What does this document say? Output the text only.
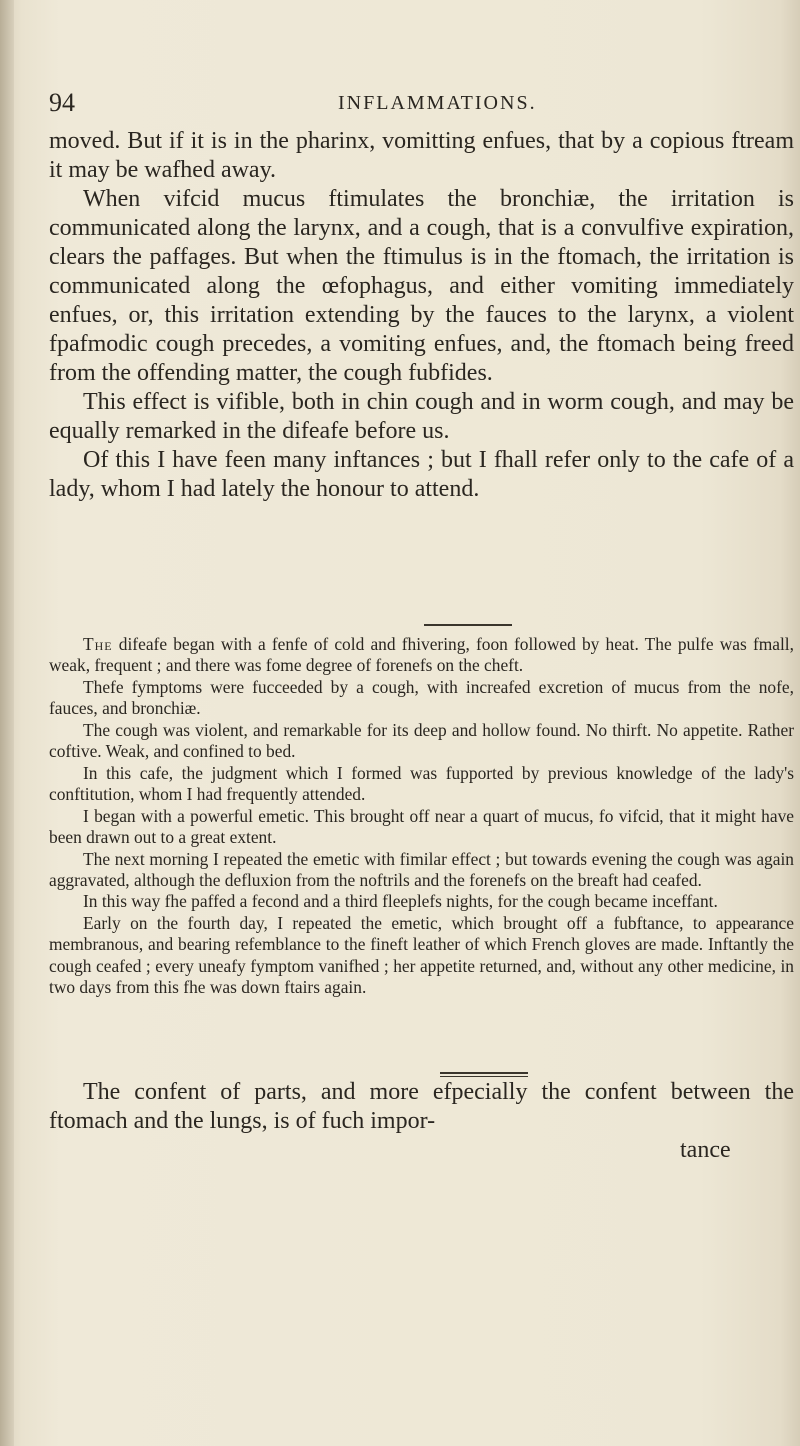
94	INFLAMMATIONS.

moved. But if it is in the pharinx, vomitting enfues, that by a copious ftream it may be wafhed away.

When vifcid mucus ftimulates the bronchiæ, the irritation is communicated along the larynx, and a cough, that is a convulfive expiration, clears the paffages. But when the ftimulus is in the ftomach, the irritation is communicated along the œfophagus, and either vomiting immediately enfues, or, this irritation extending by the fauces to the larynx, a violent fpafmodic cough precedes, a vomiting enfues, and, the ftomach being freed from the offending matter, the cough fubfides.

This effect is vifible, both in chin cough and in worm cough, and may be equally remarked in the difeafe before us.

Of this I have feen many inftances ; but I fhall refer only to the cafe of a lady, whom I had lately the honour to attend.

The difeafe began with a fenfe of cold and fhivering, foon followed by heat. The pulfe was fmall, weak, frequent ; and there was fome degree of forenefs on the cheft.

Thefe fymptoms were fucceeded by a cough, with increafed excretion of mucus from the nofe, fauces, and bronchiæ.

The cough was violent, and remarkable for its deep and hollow found. No thirft. No appetite. Rather coftive. Weak, and confined to bed.

In this cafe, the judgment which I formed was fupported by previous knowledge of the lady's conftitution, whom I had frequently attended.

I began with a powerful emetic. This brought off near a quart of mucus, fo vifcid, that it might have been drawn out to a great extent.

The next morning I repeated the emetic with fimilar effect ; but towards evening the cough was again aggravated, although the defluxion from the noftrils and the forenefs on the breaft had ceafed.

In this way fhe paffed a fecond and a third fleeplefs nights, for the cough became inceffant.

Early on the fourth day, I repeated the emetic, which brought off a fubftance, to appearance membranous, and bearing refemblance to the fineft leather of which French gloves are made. Inftantly the cough ceafed ; every uneafy fymptom vanifhed ; her appetite returned, and, without any other medicine, in two days from this fhe was down ftairs again.

The confent of parts, and more efpecially the confent between the ftomach and the lungs, is of fuch impor-

tance
